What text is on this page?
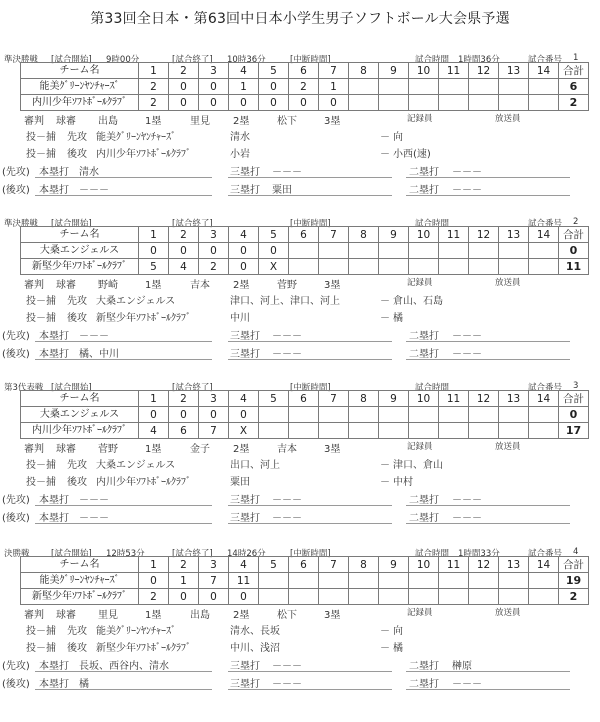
第33回全日本・第63回中日本小学生男子ソフトボール大会県予選
準決勝戦 [試合開始] 9時00分	[試合終了] 10時36分	[中断時間]	試合時間 1時間36分	試合番号 1
チーム名	1	2	3	4	5	6	7	8	9	10	11	12	13	14	合計
能美ｸﾞﾘｰﾝﾔﾝﾁｬｰｽﾞ	2	0	0	1	0	2	1								6
内川少年ｿﾌﾄﾎﾞｰﾙｸﾗﾌﾞ	2	0	0	0	0	0	0								2
審判 球審 出島	1塁	里見 2塁	松下	3塁	記録員	放送員
投－捕 先攻 能美ｸﾞﾘｰﾝﾔﾝﾁｬｰｽﾞ	清水	－ 向
投－捕 後攻 内川少年ｿﾌﾄﾎﾞｰﾙｸﾗﾌﾞ	小岩	－ 小西(速)
(先攻) 本塁打 清水	三塁打 －－－	二塁打 －－－
(後攻) 本塁打 －－－	三塁打 粟田	二塁打 －－－
準決勝戦 [試合開始]	[試合終了]	[中断時間]	試合時間	試合番号 2
チーム名	1	2	3	4	5	6	7	8	9	10	11	12	13	14	合計
大桑エンジェルス	0	0	0	0	0										0
新堅少年ｿﾌﾄﾎﾞｰﾙｸﾗﾌﾞ	5	4	2	0	X										11
審判 球審 野崎	1塁	吉本 2塁	菅野	3塁	記録員	放送員
投－捕 先攻 大桑エンジェルス	津口、河上、津口、河上	－ 倉山、石島
投－捕 後攻 新堅少年ｿﾌﾄﾎﾞｰﾙｸﾗﾌﾞ	中川	－ 橘
(先攻) 本塁打 －－－	三塁打 －－－	二塁打 －－－
(後攻) 本塁打 橘、中川	三塁打 －－－	二塁打 －－－
第3代表戦 [試合開始]	[試合終了]	[中断時間]	試合時間	試合番号 3
チーム名	1	2	3	4	5	6	7	8	9	10	11	12	13	14	合計
大桑エンジェルス	0	0	0	0											0
内川少年ｿﾌﾄﾎﾞｰﾙｸﾗﾌﾞ	4	6	7	X											17
審判 球審 菅野	1塁	金子 2塁	吉本	3塁	記録員	放送員
投－捕 先攻 大桑エンジェルス	出口、河上	－ 津口、倉山
投－捕 後攻 内川少年ｿﾌﾄﾎﾞｰﾙｸﾗﾌﾞ	粟田	－ 中村
(先攻) 本塁打 －－－	三塁打 －－－	二塁打 －－－
(後攻) 本塁打 －－－	三塁打 －－－	二塁打 －－－
決勝戦	[試合開始] 12時53分	[試合終了] 14時26分	[中断時間]	試合時間 1時間33分	試合番号 4
チーム名	1	2	3	4	5	6	7	8	9	10	11	12	13	14	合計
能美ｸﾞﾘｰﾝﾔﾝﾁｬｰｽﾞ	0	1	7	11											19
新堅少年ｿﾌﾄﾎﾞｰﾙｸﾗﾌﾞ	2	0	0	0											2
審判 球審 里見	1塁	出島 2塁	松下	3塁	記録員	放送員
投－捕 先攻 能美ｸﾞﾘｰﾝﾔﾝﾁｬｰｽﾞ	清水、長坂	－ 向
投－捕 後攻 新堅少年ｿﾌﾄﾎﾞｰﾙｸﾗﾌﾞ	中川、浅沼	－ 橘
(先攻) 本塁打 長坂、西谷内、清水	三塁打 －－－	二塁打 榊原
(後攻) 本塁打 橘	三塁打 －－－	二塁打 －－－
